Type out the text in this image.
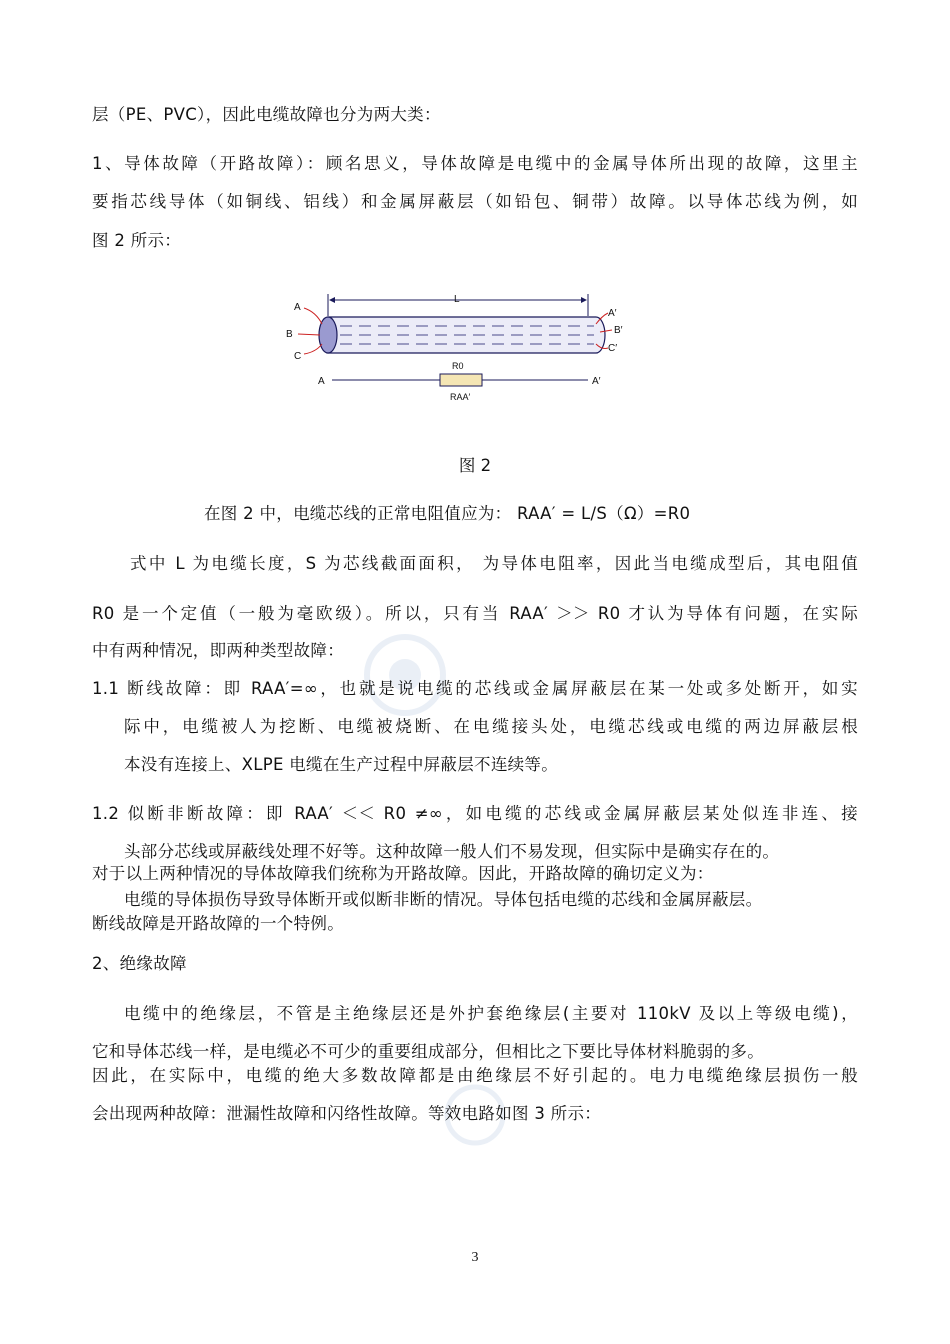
层（PE、PVC），因此电缆故障也分为两大类：
1、导体故障（开路故障）：顾名思义，导体故障是电缆中的金属导体所出现的故障，这里主
要指芯线导体（如铜线、铝线）和金属屏蔽层（如铅包、铜带）故障。以导体芯线为例，如
图 2 所示：
L
A
B
C
A′
B′
C′
A	A′
R0
RAA′
图 2
在图 2 中，电缆芯线的正常电阻值应为： RAA′ = L/S（Ω）=R0
式中 L 为电缆长度，S 为芯线截面面积， 为导体电阻率，因此当电缆成型后，其电阻值
R0 是一个定值（一般为毫欧级）。所以，只有当 RAA′ ＞＞ R0 才认为导体有问题，在实际
中有两种情况，即两种类型故障：
1.1 断线故障：即 RAA′=∞，也就是说电缆的芯线或金属屏蔽层在某一处或多处断开，如实
际中，电缆被人为挖断、电缆被烧断、在电缆接头处，电缆芯线或电缆的两边屏蔽层根
本没有连接上、XLPE 电缆在生产过程中屏蔽层不连续等。
1.2 似断非断故障：即 RAA′ ＜＜ R0 ≠∞，如电缆的芯线或金属屏蔽层某处似连非连、接
头部分芯线或屏蔽线处理不好等。这种故障一般人们不易发现，但实际中是确实存在的。
对于以上两种情况的导体故障我们统称为开路故障。因此，开路故障的确切定义为：
电缆的导体损伤导致导体断开或似断非断的情况。导体包括电缆的芯线和金属屏蔽层。
断线故障是开路故障的一个特例。
2、绝缘故障
电缆中的绝缘层，不管是主绝缘层还是外护套绝缘层(主要对 110kV 及以上等级电缆)，
它和导体芯线一样，是电缆必不可少的重要组成部分，但相比之下要比导体材料脆弱的多。
因此，在实际中，电缆的绝大多数故障都是由绝缘层不好引起的。电力电缆绝缘层损伤一般
会出现两种故障：泄漏性故障和闪络性故障。等效电路如图 3 所示：
3
